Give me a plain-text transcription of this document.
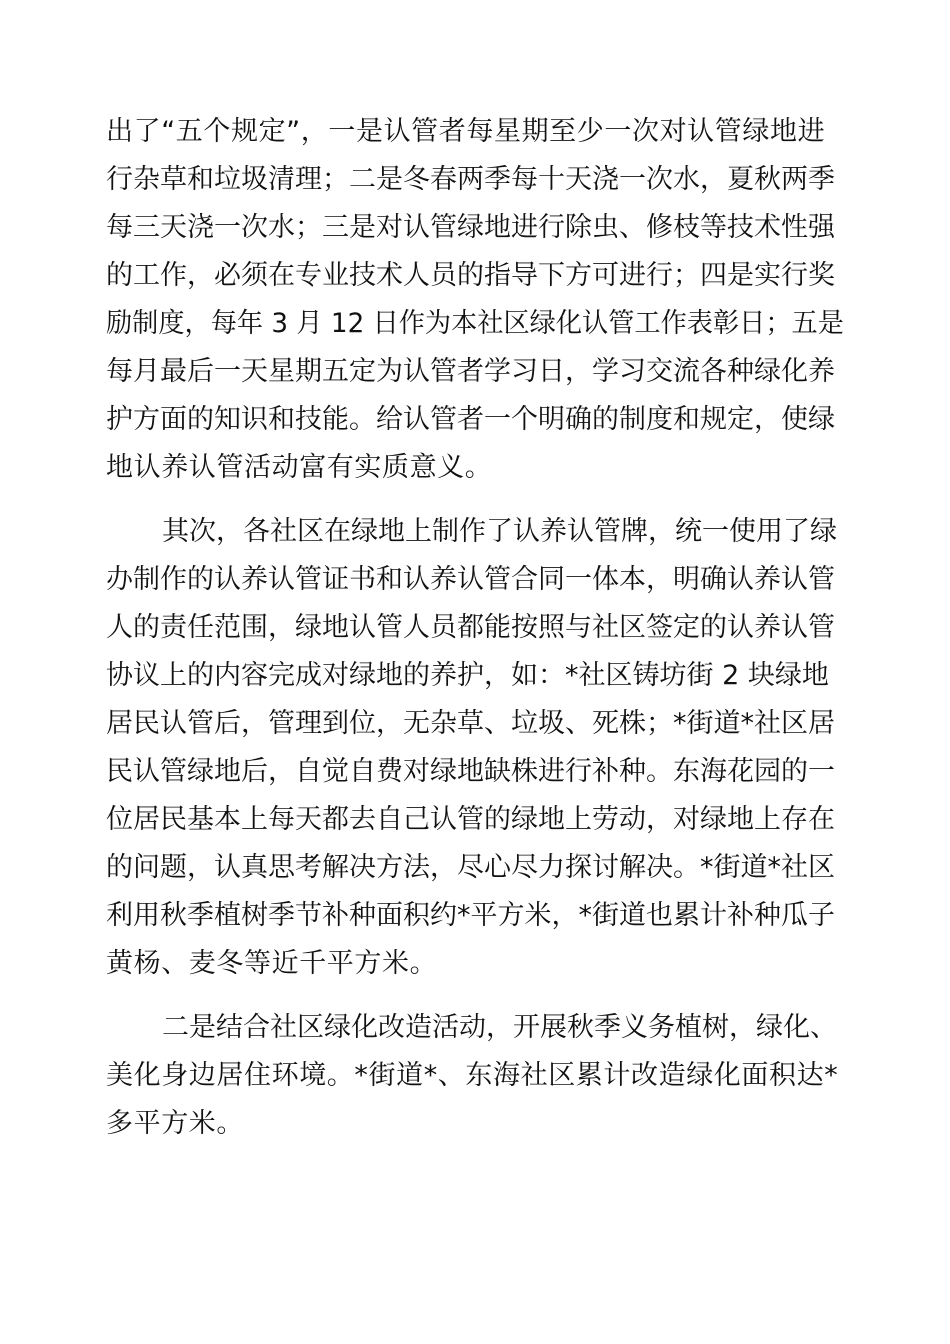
出了“五个规定”，一是认管者每星期至少一次对认管绿地进
行杂草和垃圾清理；二是冬春两季每十天浇一次水，夏秋两季
每三天浇一次水；三是对认管绿地进行除虫、修枝等技术性强
的工作，必须在专业技术人员的指导下方可进行；四是实行奖
励制度，每年 3 月 12 日作为本社区绿化认管工作表彰日；五是
每月最后一天星期五定为认管者学习日，学习交流各种绿化养
护方面的知识和技能。给认管者一个明确的制度和规定，使绿
地认养认管活动富有实质意义。
其次，各社区在绿地上制作了认养认管牌，统一使用了绿
办制作的认养认管证书和认养认管合同一体本，明确认养认管
人的责任范围，绿地认管人员都能按照与社区签定的认养认管
协议上的内容完成对绿地的养护，如：*社区铸坊街 2 块绿地
居民认管后，管理到位，无杂草、垃圾、死株；*街道*社区居
民认管绿地后，自觉自费对绿地缺株进行补种。东海花园的一
位居民基本上每天都去自己认管的绿地上劳动，对绿地上存在
的问题，认真思考解决方法，尽心尽力探讨解决。*街道*社区
利用秋季植树季节补种面积约*平方米，*街道也累计补种瓜子
黄杨、麦冬等近千平方米。
二是结合社区绿化改造活动，开展秋季义务植树，绿化、
美化身边居住环境。*街道*、东海社区累计改造绿化面积达*
多平方米。
